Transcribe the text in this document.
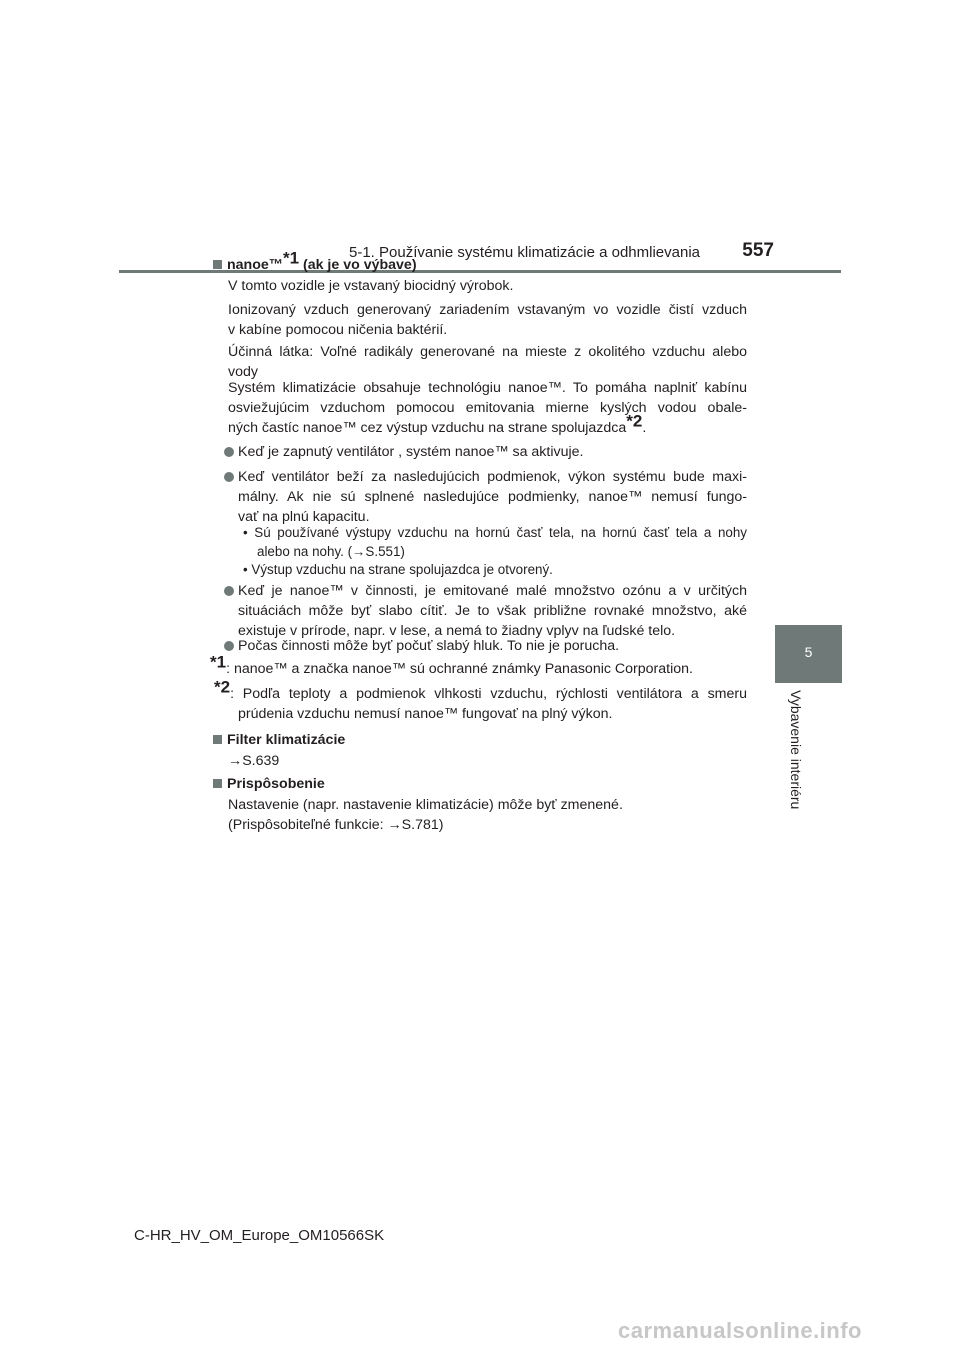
5-1. Používanie systému klimatizácie a odhmlievania	557
5
Vybavenie interiéru
nanoe™$^{*1}$ (ak je vo výbave)
V tomto vozidle je vstavaný biocidný výrobok.
Ionizovaný vzduch generovaný zariadením vstavaným vo vozidle čistí vzduch
v kabíne pomocou ničenia baktérií.
Účinná látka: Voľné radikály generované na mieste z okolitého vzduchu alebo
vody
Systém klimatizácie obsahuje technológiu nanoe™. To pomáha naplniť kabínu
osviežujúcim vzduchom pomocou emitovania mierne kyslých vodou obale-
ných častíc nanoe™ cez výstup vzduchu na strane spolujazdca$^{*2}$.
Keď je zapnutý ventilátor , systém nanoe™ sa aktivuje.
Keď ventilátor beží za nasledujúcich podmienok, výkon systému bude maxi-
málny. Ak nie sú splnené nasledujúce podmienky, nanoe™ nemusí fungo-
vať na plnú kapacitu.
• Sú používané výstupy vzduchu na hornú časť tela, na hornú časť tela a nohy
alebo na nohy. (→S.551)
• Výstup vzduchu na strane spolujazdca je otvorený.
Keď je nanoe™ v činnosti, je emitované malé množstvo ozónu a v určitých
situáciách môže byť slabo cítiť. Je to však približne rovnaké množstvo, aké
existuje v prírode, napr. v lese, a nemá to žiadny vplyv na ľudské telo.
Počas činnosti môže byť počuť slabý hluk. To nie je porucha.
$^{*1}$: nanoe™ a značka nanoe™ sú ochranné známky Panasonic Corporation.
$^{*2}$: Podľa teploty a podmienok vlhkosti vzduchu, rýchlosti ventilátora a smeru
prúdenia vzduchu nemusí nanoe™ fungovať na plný výkon.
Filter klimatizácie
→S.639
Prispôsobenie
Nastavenie (napr. nastavenie klimatizácie) môže byť zmenené.
(Prispôsobiteľné funkcie: →S.781)
C-HR_HV_OM_Europe_OM10566SK
carmanualsonline.info
